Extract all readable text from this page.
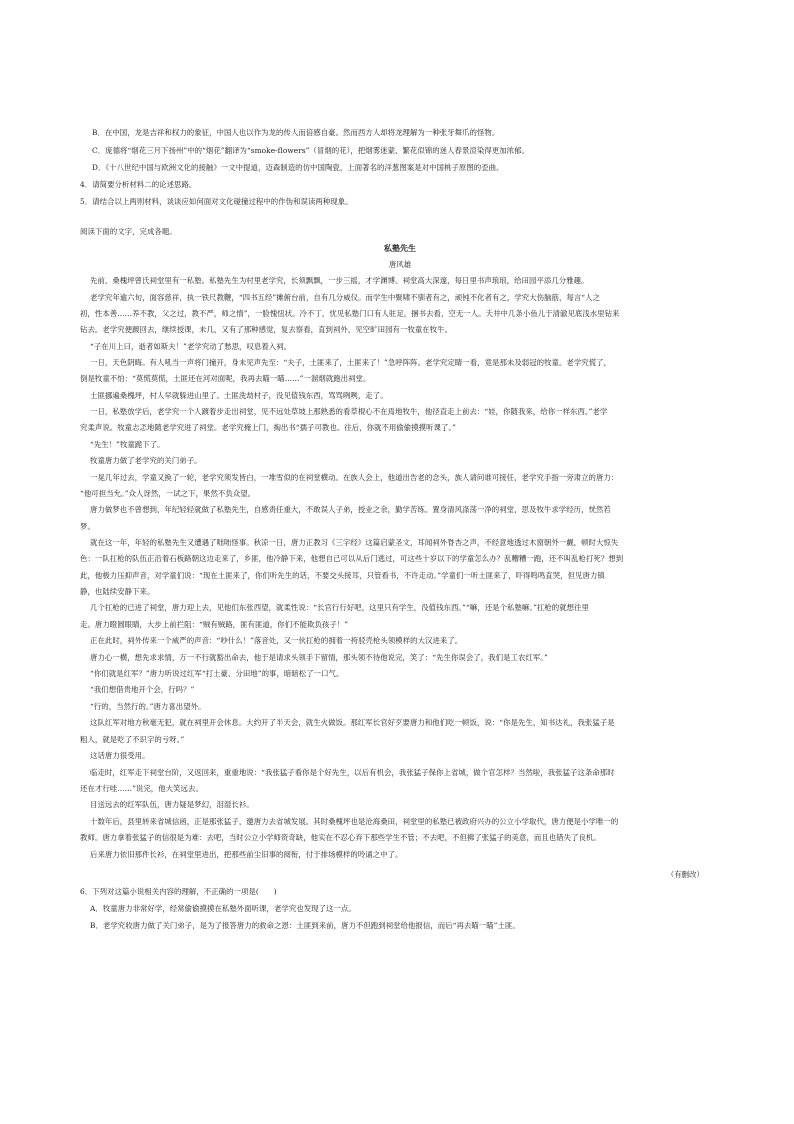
B．在中国，龙是吉祥和权力的象征，中国人也以作为龙的传人而倍感自豪。然而西方人却将龙理解为一种张牙舞爪的怪物。
C．庞德将“烟花三月下扬州”中的“烟花”翻译为“smoke-flowers”（冒烟的花），把烟雾迷蒙、繁花似锦的迷人春景渲染得更加浓郁。
D．《十八世纪中国与欧洲文化的接触》一文中提道，迈森制造的仿中国陶瓷，上面著名的洋葱图案是对中国桃子原图的歪曲。
4．请简要分析材料二的论述思路。
5．请结合以上两则材料，谈谈应如何面对文化碰撞过程中的作伪和误读两种现象。
阅读下面的文字，完成各题。
私塾先生
唐风雄
先前，桑槐坪曾氏祠堂里有一私塾。私塾先生为村里老学究，长须飘飘，一步三摇，才学渊博。祠堂高大深邃，每日里书声琅琅，给田园平添几分雅趣。
老学究年逾六旬，面容慈祥，执一铁尺教鞭，“四书五经”摊俯台前，自有几分威仪。而学生中聚啸不驯者有之，顽钝不化者有之，学究大伤脑筋，每言“人之
初，性本善……养不教，父之过，教不严，师之惰”，一脸愧忸状。冷不丁，忧见私塾门口有人驻足，捆书去看，空无一人。夭井中几条小鱼儿于清澈见底浅水里钻来
钻去。老学究便踱回去，继续授课，未几，又有了那种感觉，复去察看，直到祠外，见空旷田园有一牧童在牧牛。
“子在川上曰，逝者如斯夫！”老学究动了愁思，叹息着入祠。
一日，天色阴晦。有人吼当一声将门撞开，身未见声先至：“夫子，土匪来了，土匪来了！”急呼阵阵。老学究定睛一看，竟是那未及弱冠的牧童。老学究慌了，
倒是牧童不怕：“莫慌莫慌，土匪还在河对面呢，我再去瞄一瞄……”一溜烟就跑出祠堂。
土匪挪遍桑槐坪，村人早就躲进山里了。土匪洗劫村子，没见值钱东西，骂骂咧咧，走了。
一日，私塾放学后，老学究一个人踱着步走出祠堂，见不远处草坡上那熟悉的看草棍心不在焉地牧牛，他径直走上前去：“娃，你随我来，给你一样东西。”老学
究柔声说。牧童忐忑地随老学究进了祠堂。老学究掩上门，掏出书“孺子可教也。往后，你就不用偷偷摸摸听课了。”
“先生！”牧童跪下了。
牧童唐力做了老学究的关门弟子。
一晃几年过去，学童又换了一轮，老学究须发皆白，一堆雪似的在祠堂横动。在族人会上，他道出告老的念头，族人请问谁可接任，老学究手指一旁肃立的唐力：
“他可担当允。”众人讶然，一试之下，果然不负众望。
唐力做梦也不曾想到，年纪轻轻就做了私塾先生，自感责任重大，不敢误人子弟，授业之余，勤学苦练。置身清风涤荡一净的祠堂，思及牧牛求学经历，恍然若
梦。
就在这一年，年轻的私塾先生又遭遇了咄咄怪事。秋凉一日，唐力正教习《三字经》这篇启蒙圣文，耳闻祠外脊杏之声，不经意地透过木窗朝外一觑，顿时大惊失
色：一队扛枪的队伍正沿着石板路朝这边走来了，乡匪，他冷静下来，他想自己可以从后门逃过，可这些十岁以下的学童怎么办？乱糟糟一跑，还不叫乱枪打死？想到
此，他极力压抑声音，对学童们说：“现在土匪来了，你们听先生的话，不要交头接耳，只管看书，不许走动。”学童们一听土匪来了，吓得鸣鸣直哭，但见唐力镇
静，也陆续安静下来。
几个扛枪的已进了祠堂，唐力迎上去，见他们东张西望，就柔性说：“长官行行好吧，这里只有学生，没值钱东西。”“嘛，还是个私塾嘛。”扛枪的就想往里
走。唐力瞪圆眼睛，大步上前拦阻：“贼有贼路，匪有匪道，你们不能欺负孩子！”
正在此时，祠外传来一个威严的声音：“吵什么！”落音处，又一伙扛枪的拥着一挎驳壳枪头领模样的大汉进来了。
唐力心一横，想先求求情，万一不行就豁出命去，他于是请求头领手下留情，那头领不待他说完，笑了：“先生你误会了，我们是工农红军。”
“你们就是红军？”唐力听说过红军“打土豪、分田地”的事，暗暗松了一口气。
“我们想借贵地开个会，行吗？”
“行的，当然行的。”唐力喜出望外。
这队红军对地方秋毫无犯，就在祠里开会休息。大约开了半天会，就生火做饭。那红军长官好歹要唐力和他们吃一顿饭，说：“你是先生，知书达礼，我张猛子是
粗人，就是吃了不识字的亏呀。”
这话唐力很受用。
临走时，红军走下祠堂台阶，又返回来，重重地说：“我张猛子看你是个好先生，以后有机会，我张猛子保你上省城，做个官怎样？当然啦，我张猛子这条命那时
还在才行哇……”说完，他大笑远去。
目送远去的红军队伍，唐力疑是梦幻，泪湿长衫。
十数年后，县里转来省城信函，正是那张猛子，邀唐力去省城发展。其时桑槐坪也是沧海桑田，祠堂里的私塾已被政府兴办的公立小学取代，唐力便是小学唯一的
教师。唐力拿着张猛子的信很是为难：去吧，当时公立小学师资奇缺，他实在不忍心弃下那些学生不管；不去吧，不但拂了张猛子的美意，而且也错失了良机。
后来唐力依旧那件长衫，在祠堂里进出，把那些前尘旧事的阅衔，付于排场模样的呤诵之中了。
（有删改）
6．下列对这篇小说相关内容的理解，不正确的一项是(　　)
A．牧童唐力非常好学，经常偷偷摸摸在私塾外面听课，老学究也发现了这一点。
B．老学究收唐力做了关门弟子，是为了报答唐力的救命之恩：土匪到来前，唐力不但跑到祠堂给他报信，而后“再去瞄一瞄”土匪。
